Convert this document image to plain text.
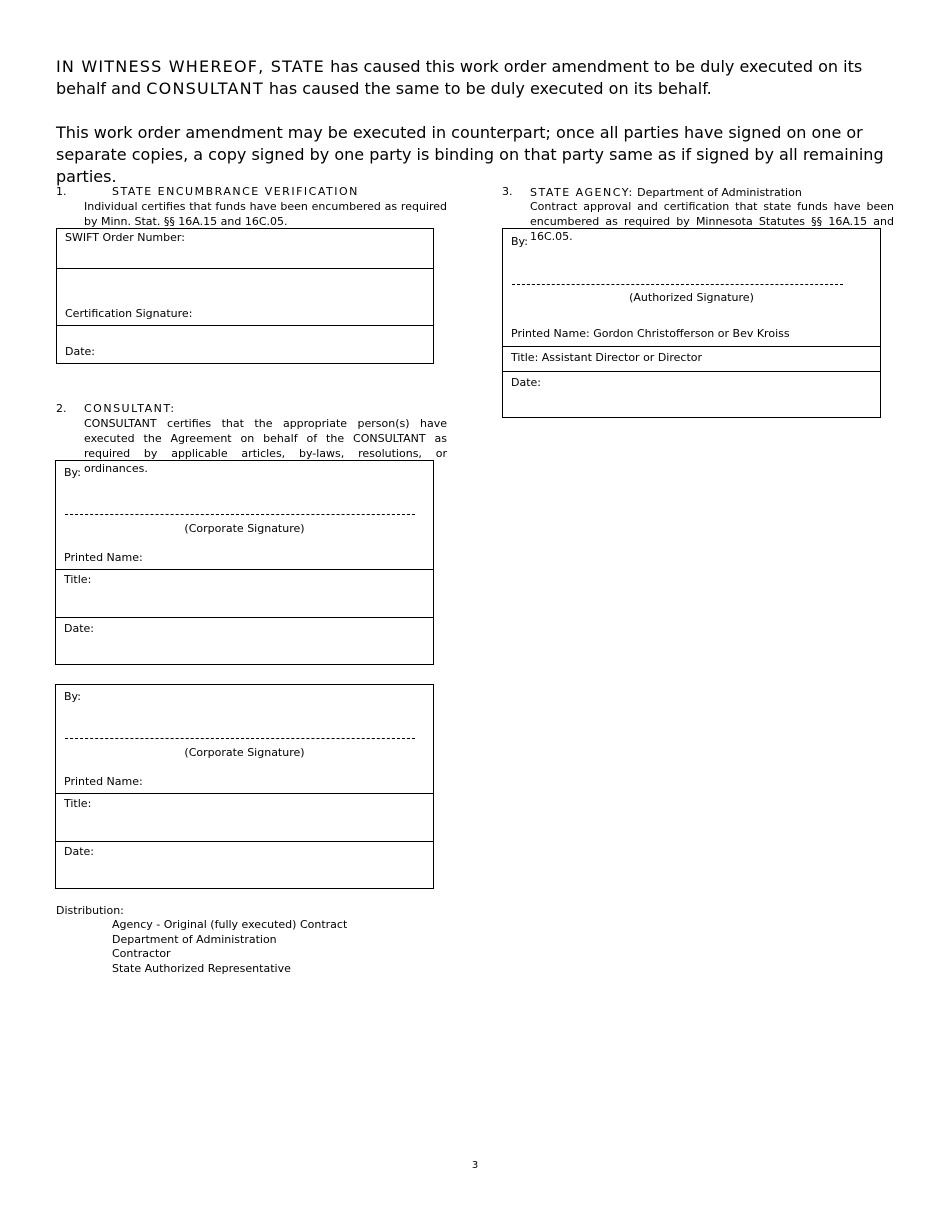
IN WITNESS WHEREOF, STATE has caused this work order amendment to be duly executed on its behalf and CONSULTANT has caused the same to be duly executed on its behalf.

This work order amendment may be executed in counterpart; once all parties have signed on one or separate copies, a copy signed by one party is binding on that party same as if signed by all remaining parties.

1.	STATE ENCUMBRANCE VERIFICATION
Individual certifies that funds have been encumbered as required by Minn. Stat. §§ 16A.15 and 16C.05.
SWIFT Order Number:
Certification Signature:
Date:
2. CONSULTANT:
CONSULTANT certifies that the appropriate person(s) have executed the Agreement on behalf of the CONSULTANT as required by applicable articles, by-laws, resolutions, or ordinances.
By:
(Corporate Signature)
Printed Name:
Title:
Date:
By:
(Corporate Signature)
Printed Name:
Title:
Date:
3. STATE AGENCY: Department of Administration
Contract approval and certification that state funds have been encumbered as required by Minnesota Statutes §§ 16A.15 and 16C.05.
By:
(Authorized Signature)
Printed Name: Gordon Christofferson or Bev Kroiss
Title: Assistant Director or Director
Date:
Distribution:
Agency - Original (fully executed) Contract
Department of Administration
Contractor
State Authorized Representative
3
